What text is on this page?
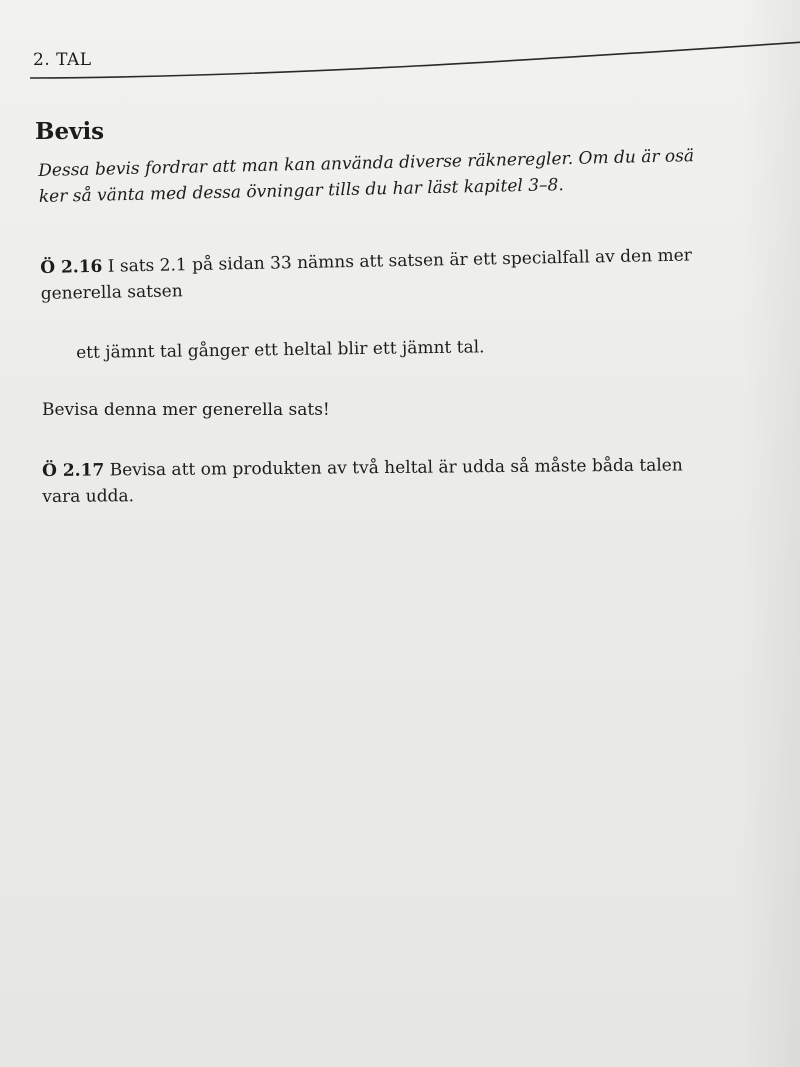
2. TAL
Bevis
Dessa bevis fordrar att man kan använda diverse räkneregler. Om du är osä
ker så vänta med dessa övningar tills du har läst kapitel 3–8.
Ö 2.16 I sats 2.1 på sidan 33 nämns att satsen är ett specialfall av den mer
generella satsen
ett jämnt tal gånger ett heltal blir ett jämnt tal.
Bevisa denna mer generella sats!
Ö 2.17 Bevisa att om produkten av två heltal är udda så måste båda talen
vara udda.
